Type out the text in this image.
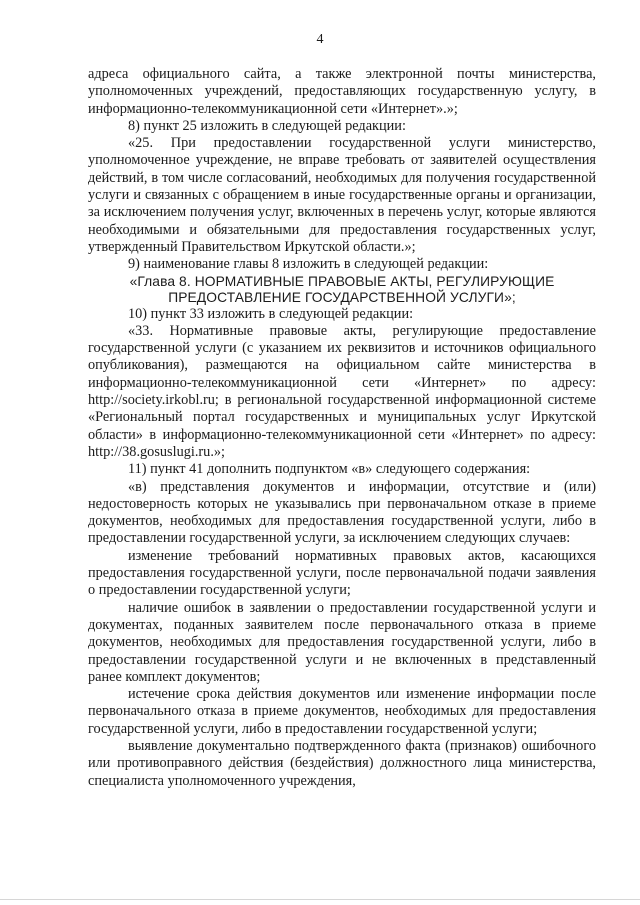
4

адреса официального сайта, а также электронной почты министерства, уполномоченных учреждений, предоставляющих государственную услугу, в информационно-телекоммуникационной сети «Интернет».»;

8) пункт 25 изложить в следующей редакции:

«25. При предоставлении государственной услуги министерство, уполномоченное учреждение, не вправе требовать от заявителей осуществления действий, в том числе согласований, необходимых для получения государственной услуги и связанных с обращением в иные государственные органы и организации, за исключением получения услуг, включенных в перечень услуг, которые являются необходимыми и обязательными для предоставления государственных услуг, утвержденный Правительством Иркутской области.»;

9) наименование главы 8 изложить в следующей редакции:

«Глава 8. НОРМАТИВНЫЕ ПРАВОВЫЕ АКТЫ, РЕГУЛИРУЮЩИЕ ПРЕДОСТАВЛЕНИЕ ГОСУДАРСТВЕННОЙ УСЛУГИ»;

10) пункт 33 изложить в следующей редакции:

«33. Нормативные правовые акты, регулирующие предоставление государственной услуги (с указанием их реквизитов и источников официального опубликования), размещаются на официальном сайте министерства в информационно-телекоммуникационной сети «Интернет» по адресу: http://society.irkobl.ru; в региональной государственной информационной системе «Региональный портал государственных и муниципальных услуг Иркутской области» в информационно-телекоммуникационной сети «Интернет» по адресу: http://38.gosuslugi.ru.»;

11) пункт 41 дополнить подпунктом «в» следующего содержания:

«в) представления документов и информации, отсутствие и (или) недостоверность которых не указывались при первоначальном отказе в приеме документов, необходимых для предоставления государственной услуги, либо в предоставлении государственной услуги, за исключением следующих случаев:

изменение требований нормативных правовых актов, касающихся предоставления государственной услуги, после первоначальной подачи заявления о предоставлении государственной услуги;

наличие ошибок в заявлении о предоставлении государственной услуги и документах, поданных заявителем после первоначального отказа в приеме документов, необходимых для предоставления государственной услуги, либо в предоставлении государственной услуги и не включенных в представленный ранее комплект документов;

истечение срока действия документов или изменение информации после первоначального отказа в приеме документов, необходимых для предоставления государственной услуги, либо в предоставлении государственной услуги;

выявление документально подтвержденного факта (признаков) ошибочного или противоправного действия (бездействия) должностного лица министерства, специалиста уполномоченного учреждения,
